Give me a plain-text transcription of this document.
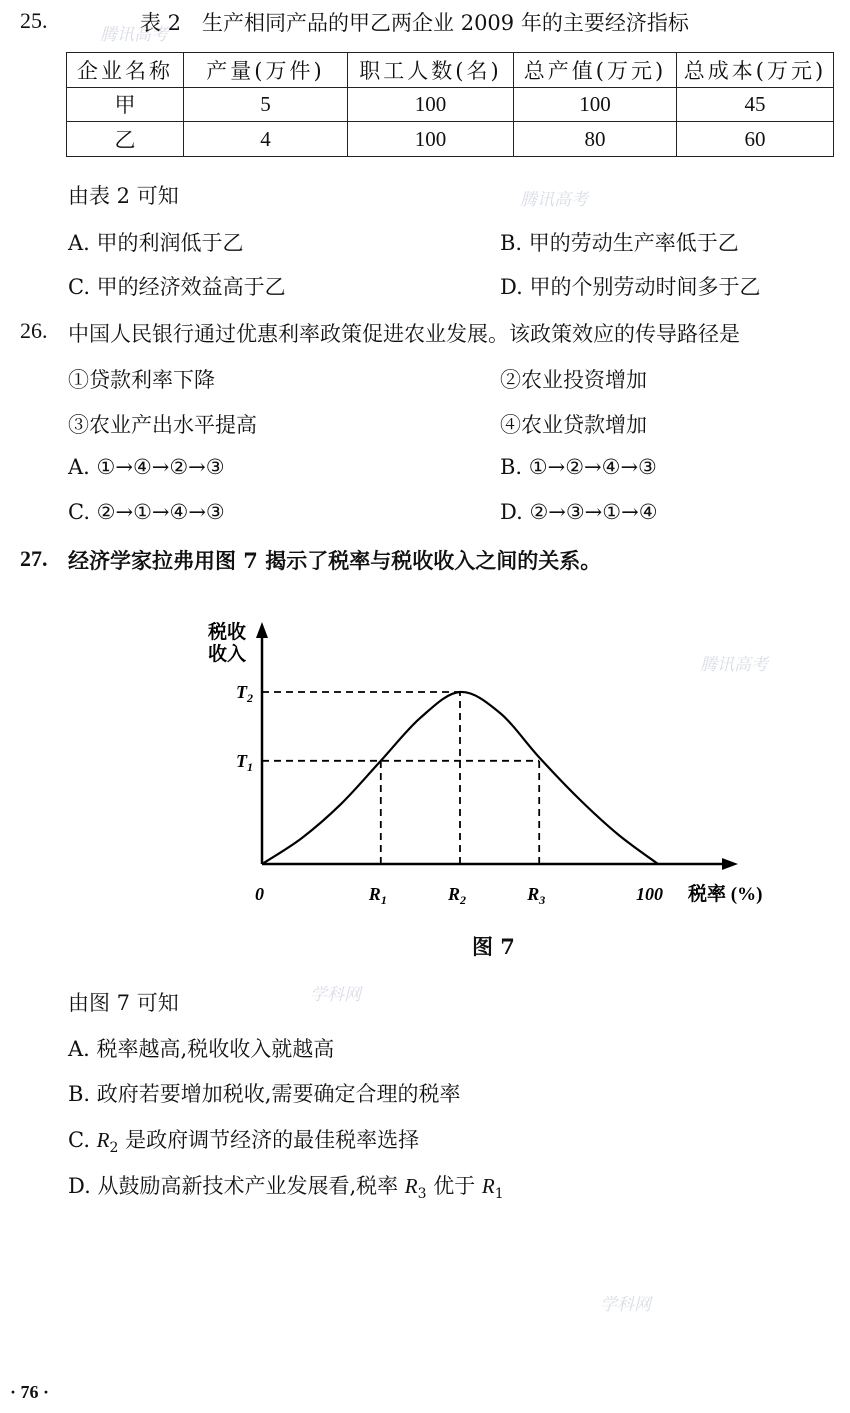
腾讯高考
腾讯高考
腾讯高考
学科网
学科网
25.	表 2　生产相同产品的甲乙两企业 2009 年的主要经济指标
企业名称	产量(万件)	职工人数(名)	总产值(万元)	总成本(万元)
甲	5	100	100	45
乙	4	100	80	60
由表 2 可知
A. 甲的利润低于乙	B. 甲的劳动生产率低于乙
C. 甲的经济效益高于乙	D. 甲的个别劳动时间多于乙
26. 中国人民银行通过优惠利率政策促进农业发展。该政策效应的传导路径是
①贷款利率下降	②农业投资增加
③农业产出水平提高	④农业贷款增加
A. ①→④→②→③	B. ①→②→④→③
C. ②→①→④→③	D. ②→③→①→④
27. 经济学家拉弗用图 7 揭示了税率与税收收入之间的关系。
税收
收入
$T_1$
$T_2$
$R_1$	$R_2$	$R_3$
0	100 税率 (%)
图 7
由图 7 可知
A. 税率越高,税收收入就越高
B. 政府若要增加税收,需要确定合理的税率
C. $R_2$ 是政府调节经济的最佳税率选择
D. 从鼓励高新技术产业发展看,税率 $R_3$ 优于 $R_1$
· 76 ·
